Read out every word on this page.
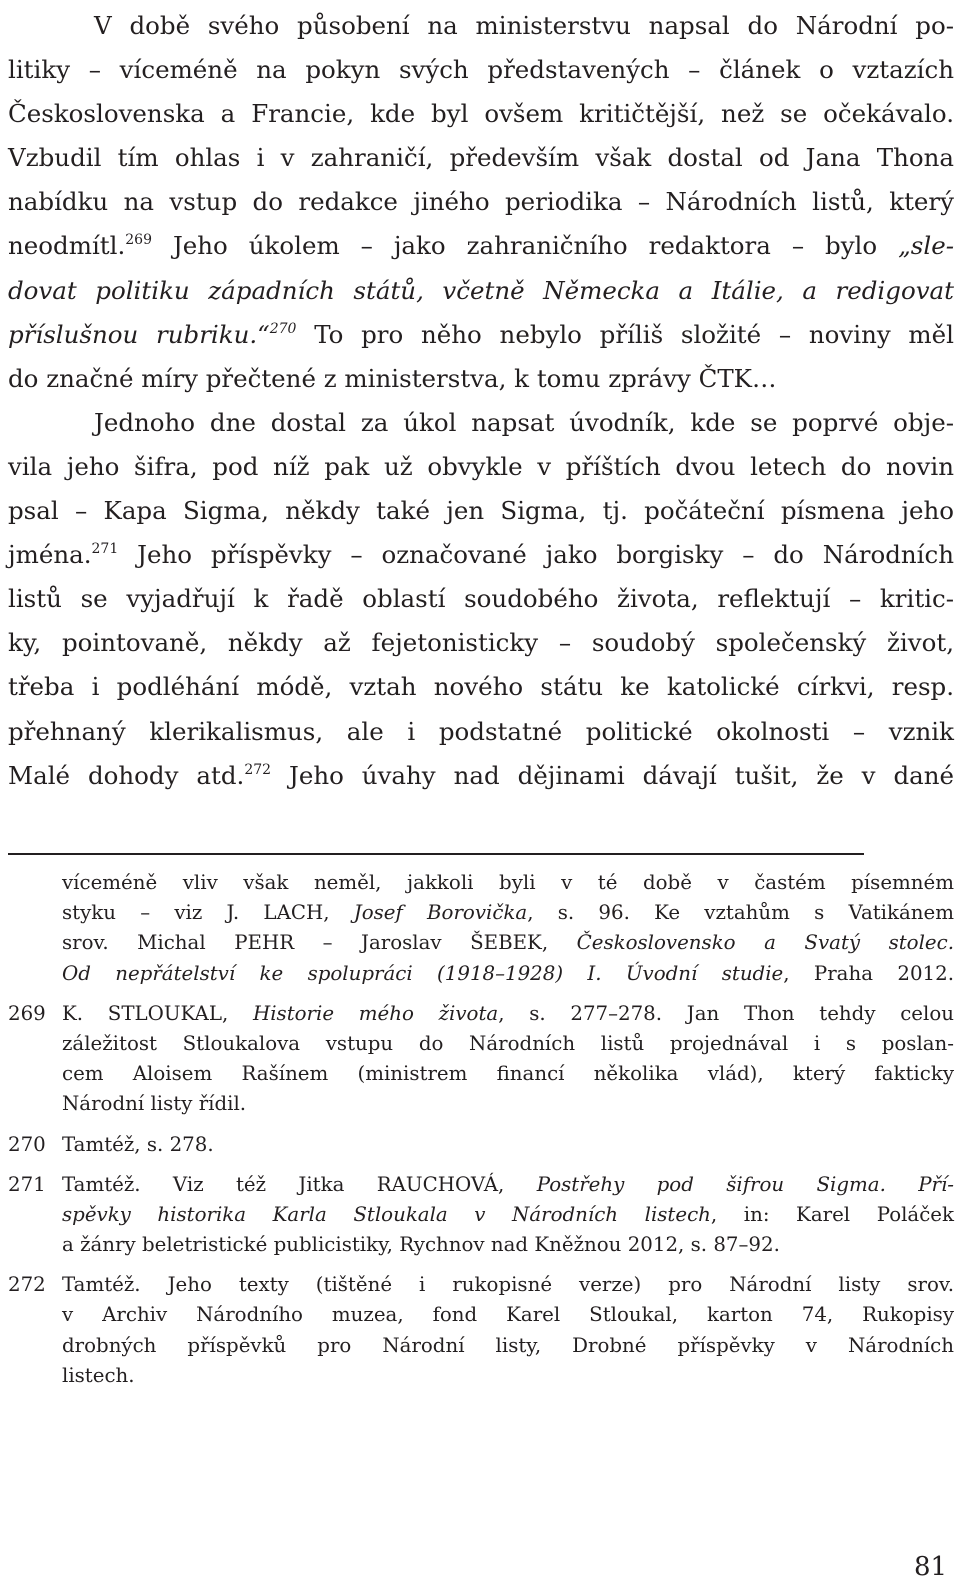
V době svého působení na ministerstvu napsal do Národní po-
litiky – víceméně na pokyn svých představených – článek o vztazích
Československa a Francie, kde byl ovšem kritičtější, než se očekávalo.
Vzbudil tím ohlas i v zahraničí, především však dostal od Jana Thona
nabídku na vstup do redakce jiného periodika – Národních listů, který
neodmítl.$^{269}$ Jeho úkolem – jako zahraničního redaktora – bylo „sle-
dovat politiku západních států, včetně Německa a Itálie, a redigovat
příslušnou rubriku.“$^{270}$ To pro něho nebylo příliš složité – noviny měl
do značné míry přečtené z ministerstva, k tomu zprávy ČTK…
Jednoho dne dostal za úkol napsat úvodník, kde se poprvé obje-
vila jeho šifra, pod níž pak už obvykle v příštích dvou letech do novin
psal – Kapa Sigma, někdy také jen Sigma, tj. počáteční písmena jeho
jména.$^{271}$ Jeho příspěvky – označované jako borgisky – do Národních
listů se vyjadřují k řadě oblastí soudobého života, reflektují – kritic-
ky, pointovaně, někdy až fejetonisticky – soudobý společenský život,
třeba i podléhání módě, vztah nového státu ke katolické církvi, resp.
přehnaný klerikalismus, ale i podstatné politické okolnosti – vznik
Malé dohody atd.$^{272}$ Jeho úvahy nad dějinami dávají tušit, že v dané
víceméně vliv však neměl, jakkoli byli v té době v častém písemném
styku – viz J. LACH, Josef Borovička, s. 96. Ke vztahům s Vatikánem
srov. Michal PEHR – Jaroslav ŠEBEK, Československo a Svatý stolec.
Od nepřátelství ke spolupráci (1918–1928) I. Úvodní studie, Praha 2012.
269 K. STLOUKAL, Historie mého života, s. 277–278. Jan Thon tehdy celou
záležitost Stloukalova vstupu do Národních listů projednával i s poslan-
cem Aloisem Rašínem (ministrem financí několika vlád), který fakticky
Národní listy řídil.
270 Tamtéž, s. 278.
271 Tamtéž. Viz též Jitka RAUCHOVÁ, Postřehy pod šifrou Sigma. Pří-
spěvky historika Karla Stloukala v Národních listech, in: Karel Poláček
a žánry beletristické publicistiky, Rychnov nad Kněžnou 2012, s. 87–92.
272 Tamtéž. Jeho texty (tištěné i rukopisné verze) pro Národní listy srov.
v Archiv Národního muzea, fond Karel Stloukal, karton 74, Rukopisy
drobných příspěvků pro Národní listy, Drobné příspěvky v Národních
listech.
81
